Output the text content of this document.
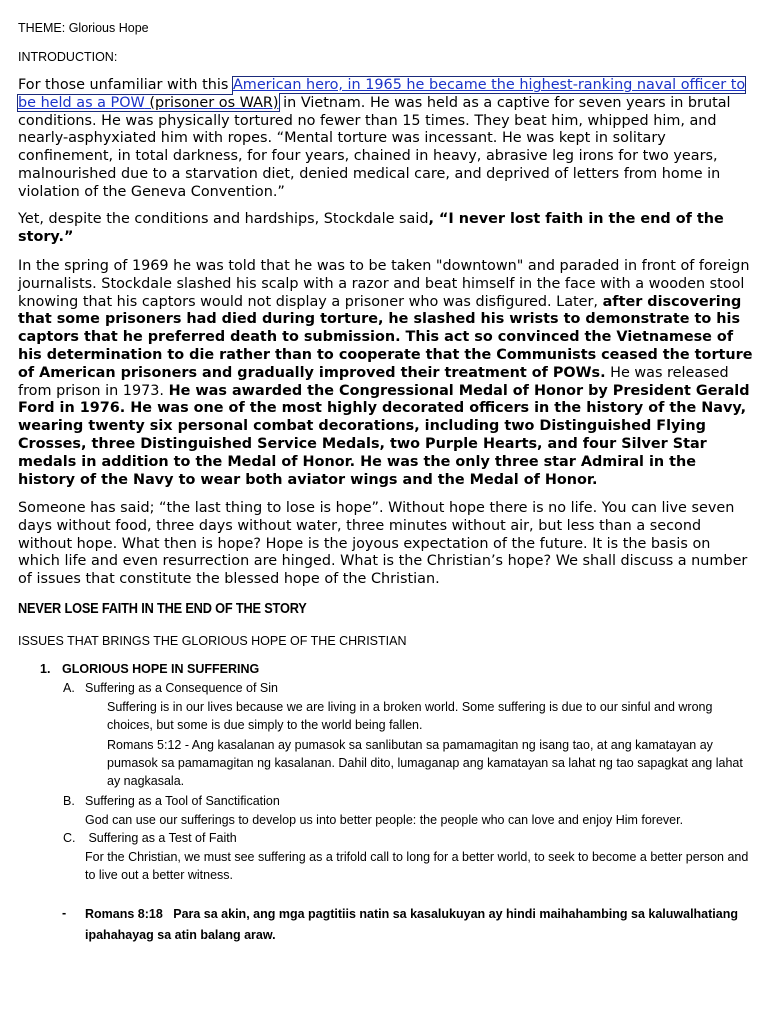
THEME: Glorious Hope
INTRODUCTION:

For those unfamiliar with this American hero, in 1965 he became the highest-ranking naval officer to be held as a POW (prisoner os WAR) in Vietnam. He was held as a captive for seven years in brutal conditions. He was physically tortured no fewer than 15 times. They beat him, whipped him, and nearly-asphyxiated him with ropes. “Mental torture was incessant. He was kept in solitary confinement, in total darkness, for four years, chained in heavy, abrasive leg irons for two years, malnourished due to a starvation diet, denied medical care, and deprived of letters from home in violation of the Geneva Convention.”

Yet, despite the conditions and hardships, Stockdale said, “I never lost faith in the end of the story.”

In the spring of 1969 he was told that he was to be taken "downtown" and paraded in front of foreign journalists. Stockdale slashed his scalp with a razor and beat himself in the face with a wooden stool knowing that his captors would not display a prisoner who was disfigured. Later, after discovering that some prisoners had died during torture, he slashed his wrists to demonstrate to his captors that he preferred death to submission. This act so convinced the Vietnamese of his determination to die rather than to cooperate that the Communists ceased the torture of American prisoners and gradually improved their treatment of POWs. He was released from prison in 1973. He was awarded the Congressional Medal of Honor by President Gerald Ford in 1976. He was one of the most highly decorated officers in the history of the Navy, wearing twenty six personal combat decorations, including two Distinguished Flying Crosses, three Distinguished Service Medals, two Purple Hearts, and four Silver Star medals in addition to the Medal of Honor. He was the only three star Admiral in the history of the Navy to wear both aviator wings and the Medal of Honor.

Someone has said; “the last thing to lose is hope”. Without hope there is no life. You can live seven days without food, three days without water, three minutes without air, but less than a second without hope. What then is hope? Hope is the joyous expectation of the future. It is the basis on which life and even resurrection are hinged. What is the Christian’s hope? We shall discuss a number of issues that constitute the blessed hope of the Christian.

NEVER LOSE FAITH IN THE END OF THE STORY
ISSUES THAT BRINGS THE GLORIOUS HOPE OF THE CHRISTIAN
1. GLORIOUS HOPE IN SUFFERING
A. Suffering as a Consequence of Sin
Suffering is in our lives because we are living in a broken world. Some suffering is due to our sinful and wrong choices, but some is due simply to the world being fallen.
Romans 5:12 - Ang kasalanan ay pumasok sa sanlibutan sa pamamagitan ng isang tao, at ang kamatayan ay pumasok sa pamamagitan ng kasalanan. Dahil dito, lumaganap ang kamatayan sa lahat ng tao sapagkat ang lahat ay nagkasala.
B. Suffering as a Tool of Sanctification
God can use our sufferings to develop us into better people: the people who can love and enjoy Him forever.
C. Suffering as a Test of Faith
For the Christian, we must see suffering as a trifold call to long for a better world, to seek to become a better person and to live out a better witness.
- Romans 8:18   Para sa akin, ang mga pagtitiis natin sa kasalukuyan ay hindi maihahambing sa kaluwalhatiang ipahahayag sa atin balang araw.
